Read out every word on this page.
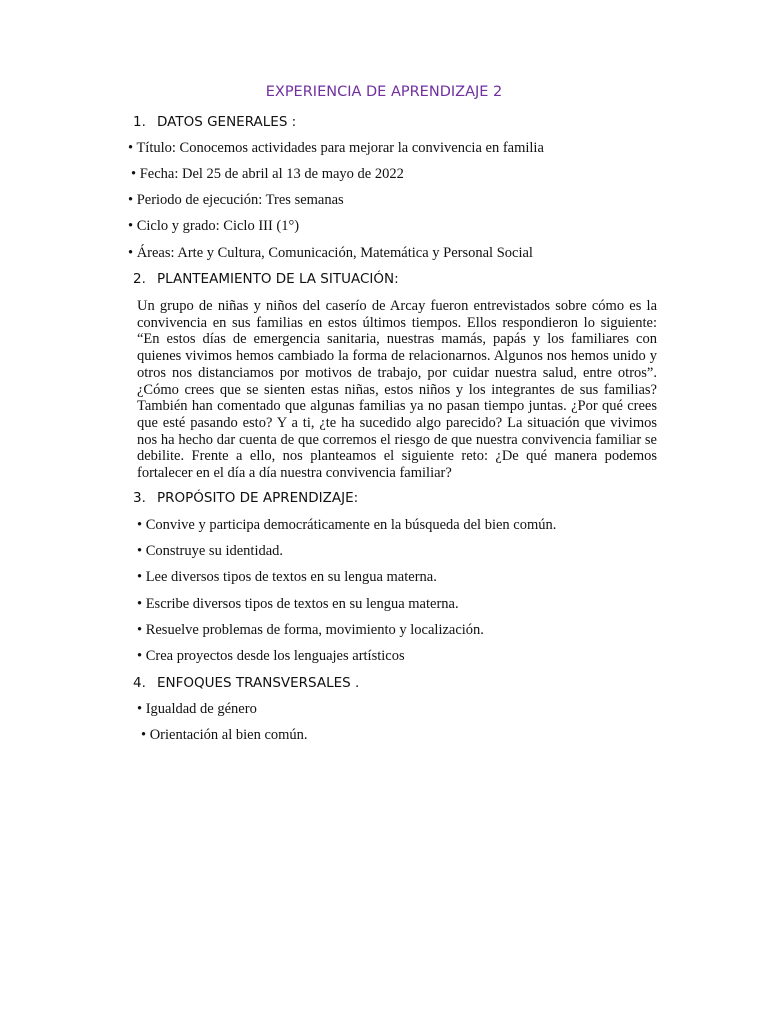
EXPERIENCIA DE APRENDIZAJE 2
1. DATOS GENERALES :
• Título: Conocemos actividades para mejorar la convivencia en familia
• Fecha: Del 25 de abril al 13 de mayo de 2022
• Periodo de ejecución: Tres semanas
• Ciclo y grado: Ciclo III (1°)
• Áreas: Arte y Cultura, Comunicación, Matemática y Personal Social
2. PLANTEAMIENTO DE LA SITUACIÓN:
Un grupo de niñas y niños del caserío de Arcay fueron entrevistados sobre cómo es la convivencia en sus familias en estos últimos tiempos. Ellos respondieron lo siguiente: “En estos días de emergencia sanitaria, nuestras mamás, papás y los familiares con quienes vivimos hemos cambiado la forma de relacionarnos. Algunos nos hemos unido y otros nos distanciamos por motivos de trabajo, por cuidar nuestra salud, entre otros”. ¿Cómo crees que se sienten estas niñas, estos niños y los integrantes de sus familias? También han comentado que algunas familias ya no pasan tiempo juntas. ¿Por qué crees que esté pasando esto? Y a ti, ¿te ha sucedido algo parecido? La situación que vivimos nos ha hecho dar cuenta de que corremos el riesgo de que nuestra convivencia familiar se debilite. Frente a ello, nos planteamos el siguiente reto: ¿De qué manera podemos fortalecer en el día a día nuestra convivencia familiar?
3. PROPÓSITO DE APRENDIZAJE:
• Convive y participa democráticamente en la búsqueda del bien común.
• Construye su identidad.
• Lee diversos tipos de textos en su lengua materna.
• Escribe diversos tipos de textos en su lengua materna.
• Resuelve problemas de forma, movimiento y localización.
• Crea proyectos desde los lenguajes artísticos
4. ENFOQUES TRANSVERSALES .
• Igualdad de género
• Orientación al bien común.
